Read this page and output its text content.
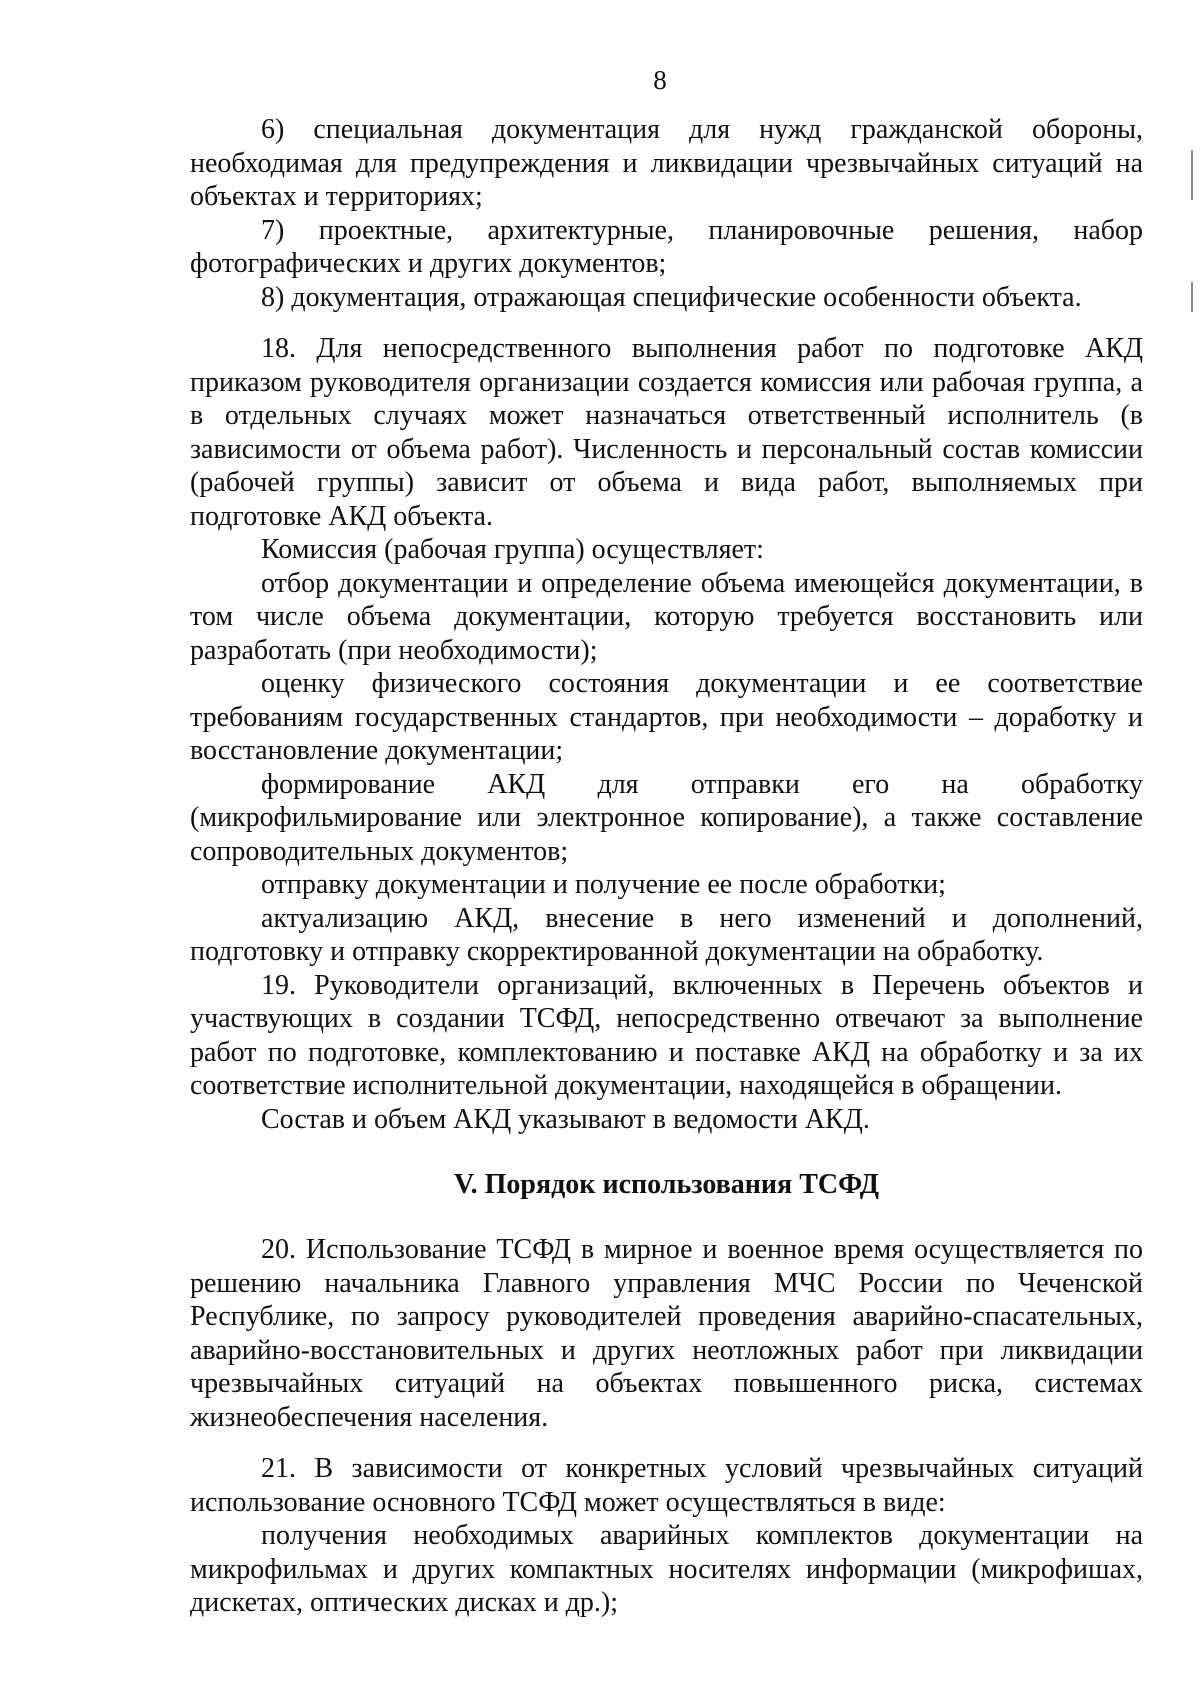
8

6) специальная документация для нужд гражданской обороны, необходимая для предупреждения и ликвидации чрезвычайных ситуаций на объектах и территориях;

7) проектные, архитектурные, планировочные решения, набор фотографических и других документов;

8) документация, отражающая специфические особенности объекта.

18. Для непосредственного выполнения работ по подготовке АКД приказом руководителя организации создается комиссия или рабочая группа, а в отдельных случаях может назначаться ответственный исполнитель (в зависимости от объема работ). Численность и персональный состав комиссии (рабочей группы) зависит от объема и вида работ, выполняемых при подготовке АКД объекта.

Комиссия (рабочая группа) осуществляет:

отбор документации и определение объема имеющейся документации, в том числе объема документации, которую требуется восстановить или разработать (при необходимости);

оценку физического состояния документации и ее соответствие требованиям государственных стандартов, при необходимости – доработку и восстановление документации;

формирование АКД для отправки его на обработку (микрофильмирование или электронное копирование), а также составление сопроводительных документов;

отправку документации и получение ее после обработки;

актуализацию АКД, внесение в него изменений и дополнений, подготовку и отправку скорректированной документации на обработку.

19. Руководители организаций, включенных в Перечень объектов и участвующих в создании ТСФД, непосредственно отвечают за выполнение работ по подготовке, комплектованию и поставке АКД на обработку и за их соответствие исполнительной документации, находящейся в обращении.

Состав и объем АКД указывают в ведомости АКД.

V. Порядок использования ТСФД

20. Использование ТСФД в мирное и военное время осуществляется по решению начальника Главного управления МЧС России по Чеченской Республике, по запросу руководителей проведения аварийно-спасательных, аварийно-восстановительных и других неотложных работ при ликвидации чрезвычайных ситуаций на объектах повышенного риска, системах жизнеобеспечения населения.

21. В зависимости от конкретных условий чрезвычайных ситуаций использование основного ТСФД может осуществляться в виде:

получения необходимых аварийных комплектов документации на микрофильмах и других компактных носителях информации (микрофишах, дискетах, оптических дисках и др.);
